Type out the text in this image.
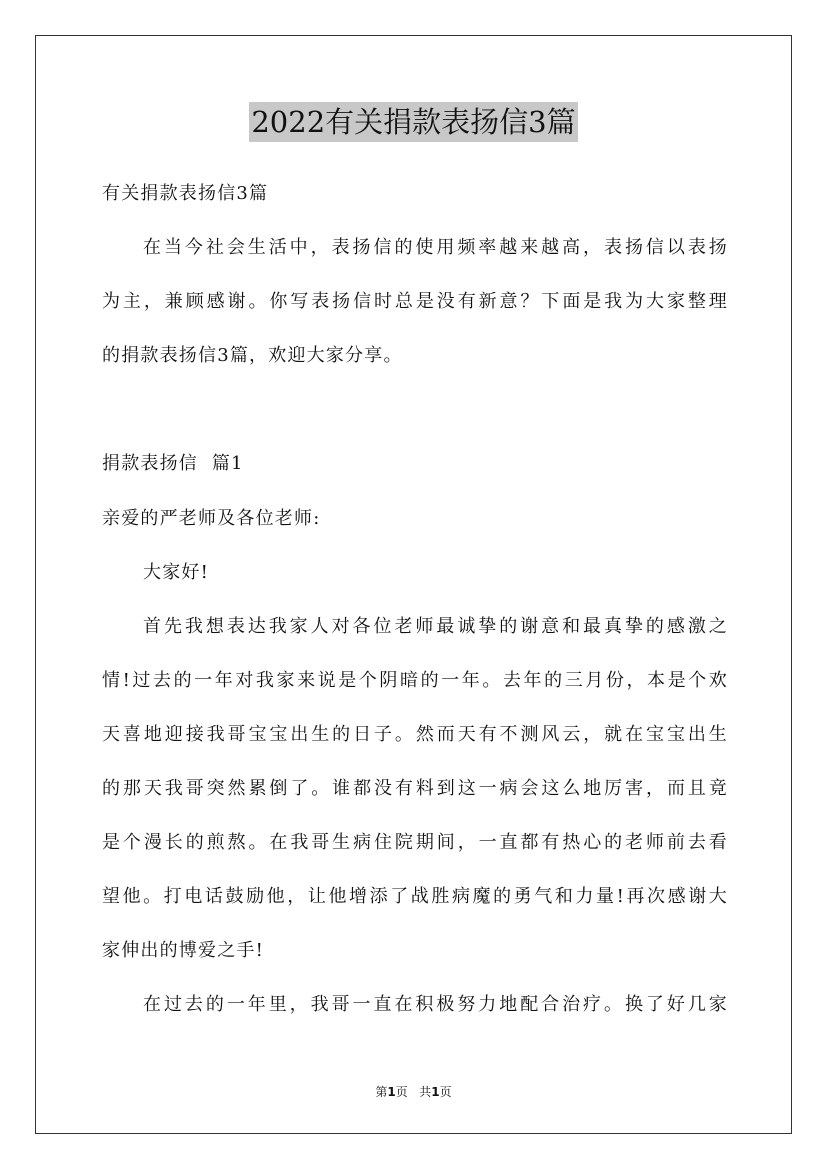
2022有关捐款表扬信3篇
有关捐款表扬信3篇
在当今社会生活中，表扬信的使用频率越来越高，表扬信以表扬
为主，兼顾感谢。你写表扬信时总是没有新意？下面是我为大家整理
的捐款表扬信3篇，欢迎大家分享。
捐款表扬信  篇1
亲爱的严老师及各位老师:
大家好!
首先我想表达我家人对各位老师最诚挚的谢意和最真挚的感激之
情!过去的一年对我家来说是个阴暗的一年。去年的三月份，本是个欢
天喜地迎接我哥宝宝出生的日子。然而天有不测风云，就在宝宝出生
的那天我哥突然累倒了。谁都没有料到这一病会这么地厉害，而且竟
是个漫长的煎熬。在我哥生病住院期间，一直都有热心的老师前去看
望他。打电话鼓励他，让他增添了战胜病魔的勇气和力量!再次感谢大
家伸出的博爱之手!
在过去的一年里，我哥一直在积极努力地配合治疗。换了好几家
第1页 共1页
